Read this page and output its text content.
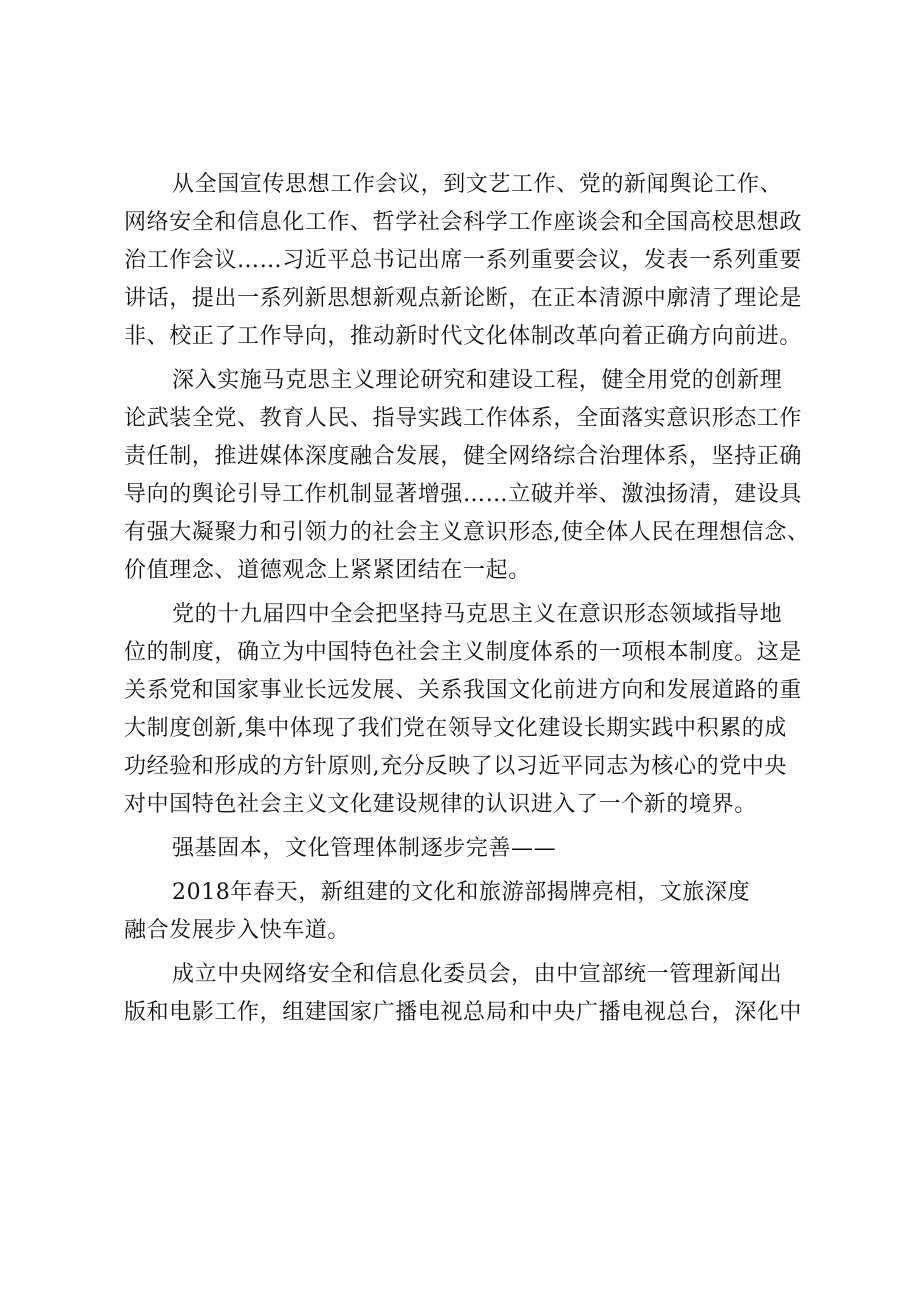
从全国宣传思想工作会议，到文艺工作、党的新闻舆论工作、
网络安全和信息化工作、哲学社会科学工作座谈会和全国高校思想政
治工作会议……习近平总书记出席一系列重要会议，发表一系列重要
讲话，提出一系列新思想新观点新论断，在正本清源中廓清了理论是
非、校正了工作导向，推动新时代文化体制改革向着正确方向前进。
深入实施马克思主义理论研究和建设工程，健全用党的创新理
论武装全党、教育人民、指导实践工作体系，全面落实意识形态工作
责任制，推进媒体深度融合发展，健全网络综合治理体系，坚持正确
导向的舆论引导工作机制显著增强……立破并举、激浊扬清，建设具
有强大凝聚力和引领力的社会主义意识形态,使全体人民在理想信念、
价值理念、道德观念上紧紧团结在一起。
党的十九届四中全会把坚持马克思主义在意识形态领域指导地
位的制度，确立为中国特色社会主义制度体系的一项根本制度。这是
关系党和国家事业长远发展、关系我国文化前进方向和发展道路的重
大制度创新,集中体现了我们党在领导文化建设长期实践中积累的成
功经验和形成的方针原则,充分反映了以习近平同志为核心的党中央
对中国特色社会主义文化建设规律的认识进入了一个新的境界。
强基固本，文化管理体制逐步完善——
2018年春天，新组建的文化和旅游部揭牌亮相，文旅深度
融合发展步入快车道。
成立中央网络安全和信息化委员会，由中宣部统一管理新闻出
版和电影工作，组建国家广播电视总局和中央广播电视总台，深化中
